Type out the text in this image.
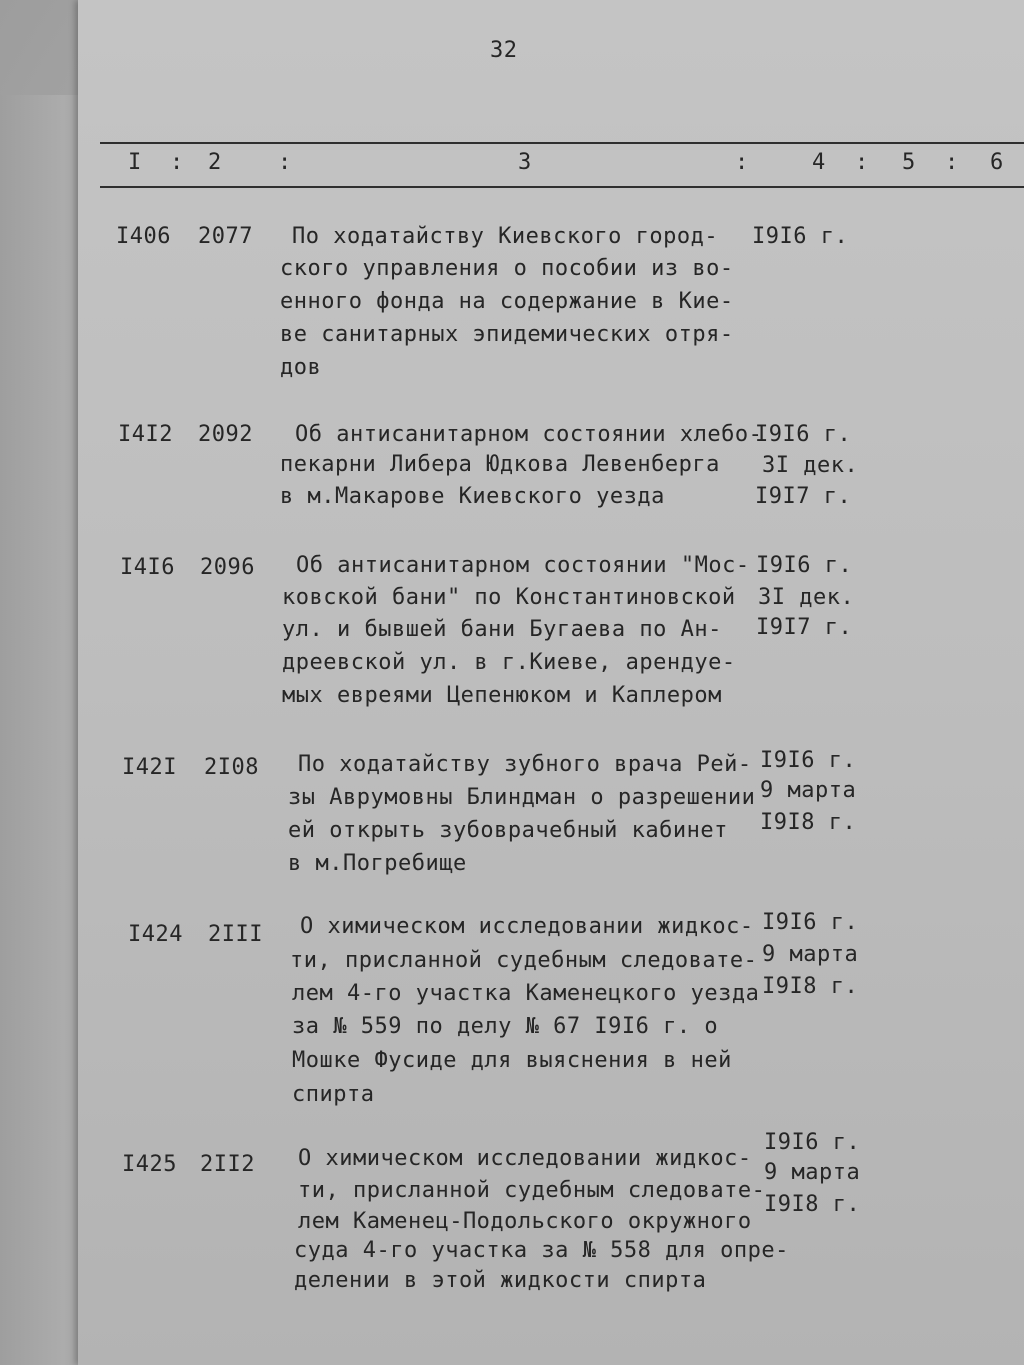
32
I : 2	:	3	:	4 : 5 : 6
I406 2077 По ходатайству Киевского город-
ского управления о пособии из во-
енного фонда на содержание в Кие-
ве санитарных эпидемических отря-
дов
I9I6 г.
I4I2 2092 Об антисанитарном состоянии хлебо-
пекарни Либера Юдкова Левенберга
в м.Макарове Киевского уезда
I9I6 г.
3I дек.
I9I7 г.
I4I6 2096 Об антисанитарном состоянии "Мос-
ковской бани" по Константиновской
ул. и бывшей бани Бугаева по Ан-
дреевской ул. в г.Киеве, арендуе-
мых евреями Цепенюком и Каплером
I9I6 г.
3I дек.
I9I7 г.
I42I 2I08 По ходатайству зубного врача Рей-
зы Аврумовны Блиндман о разрешении
ей открыть зубоврачебный кабинет
в м.Погребище
I9I6 г.
9 марта
I9I8 г.
I424 2III О химическом исследовании жидкос-
ти, присланной судебным следовате-
лем 4-го участка Каменецкого уезда
за № 559 по делу № 67 I9I6 г. о
Мошке Фусиде для выяснения в ней
спирта
I9I6 г.
9 марта
I9I8 г.
I425 2II2 О химическом исследовании жидкос-
ти, присланной судебным следовате-
лем Каменец-Подольского окружного
суда 4-го участка за № 558 для опре-
делении в этой жидкости спирта
I9I6 г.
9 марта
I9I8 г.
